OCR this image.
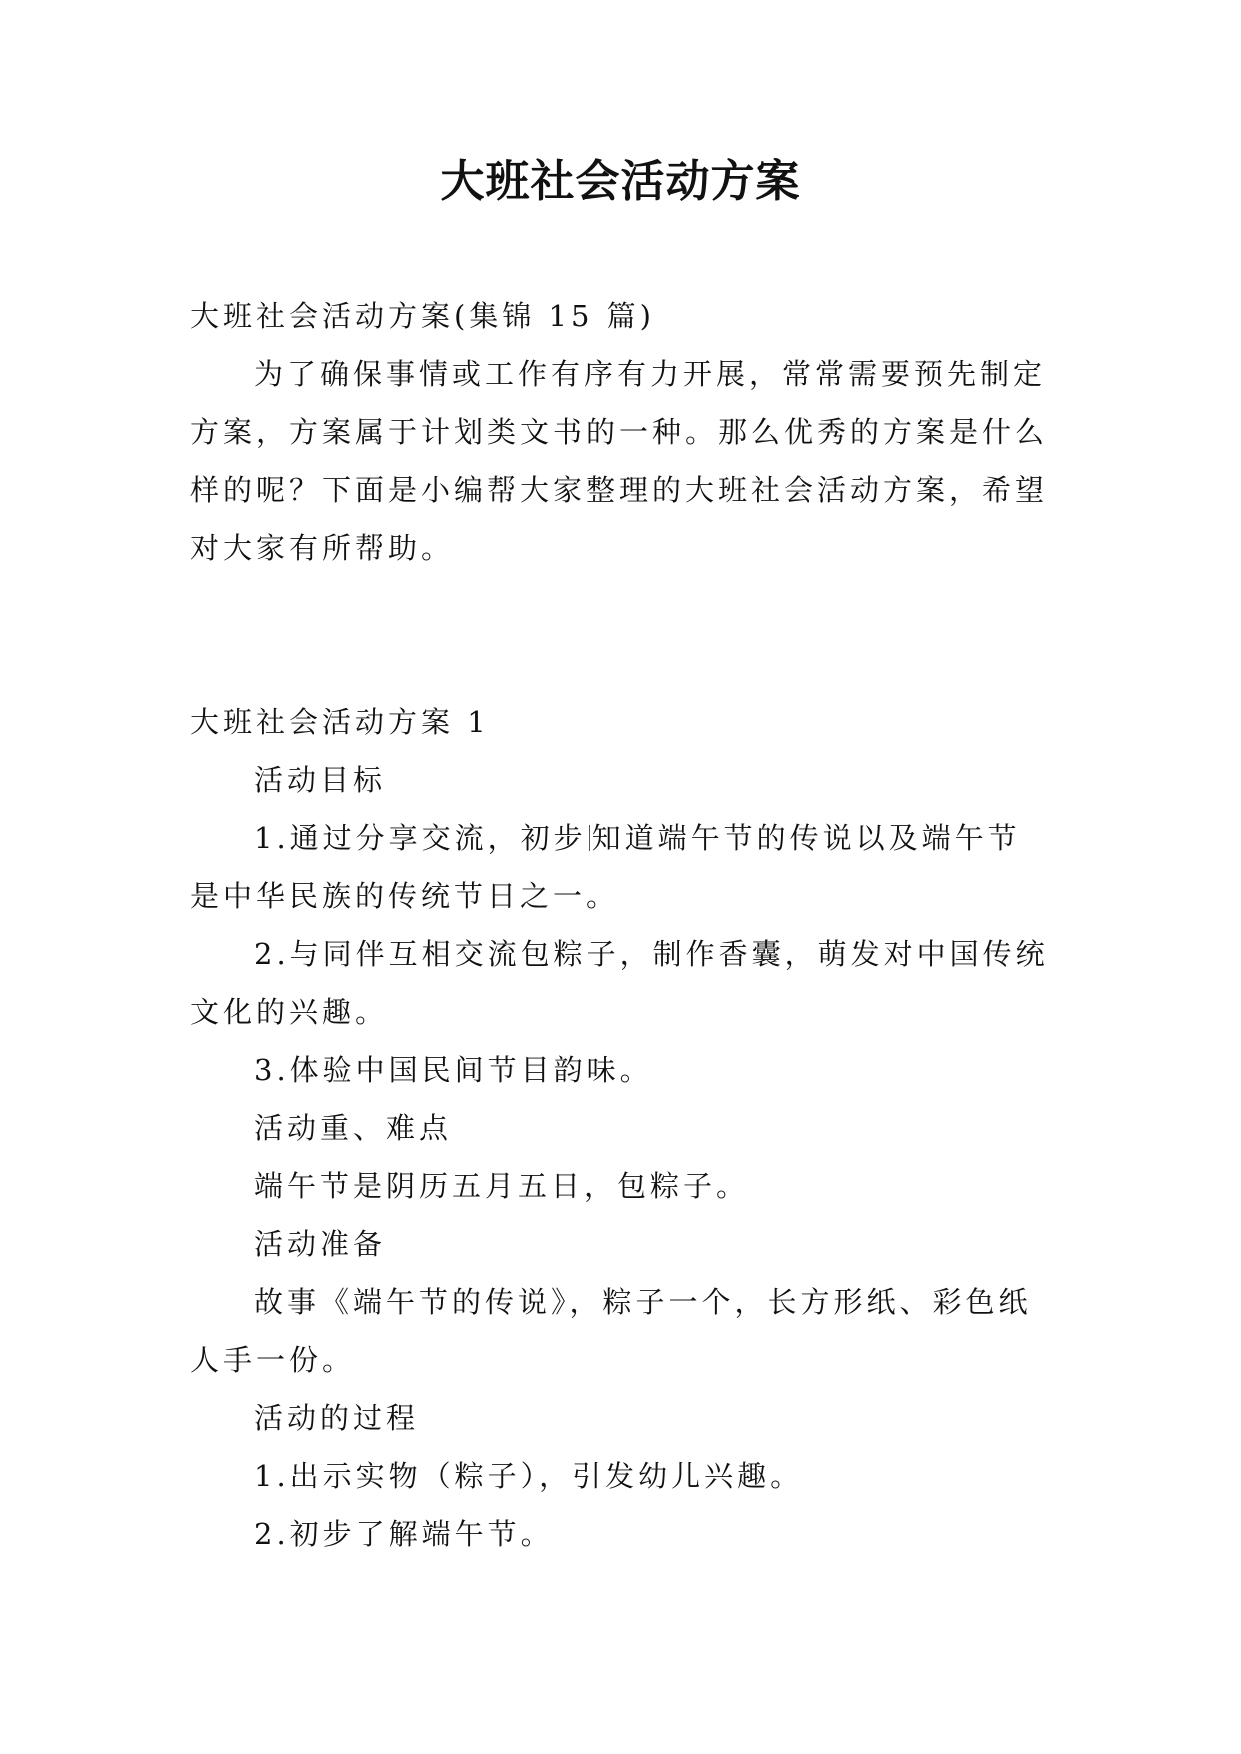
大班社会活动方案

大班社会活动方案(集锦 15 篇)

为了确保事情或工作有序有力开展，常常需要预先制定方案，方案属于计划类文书的一种。那么优秀的方案是什么样的呢？下面是小编帮大家整理的大班社会活动方案，希望对大家有所帮助。

大班社会活动方案 1

活动目标

1.通过分享交流，初步 知道端午节的传说以及端午节是中华民族的传统节日之一。

2.与同伴互相交流包粽子，制作香囊，萌发对中国传统文化的兴趣。

3.体验中国民间节目韵味。

活动重、难点

端午节是阴历五月五日，包粽子。

活动准备

故事《端午节的传说》，粽子一个，长方形纸、彩色纸人手一份。

活动的过程

1.出示实物（粽子），引发幼儿兴趣。

2.初步了解端午节。
